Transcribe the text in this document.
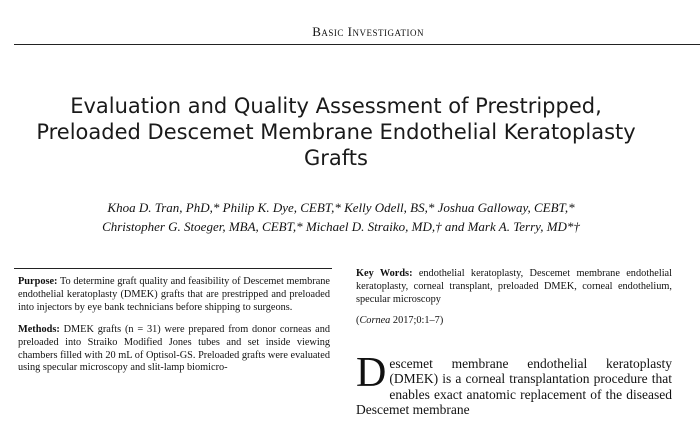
Basic Investigation
Evaluation and Quality Assessment of Prestripped, Preloaded Descemet Membrane Endothelial Keratoplasty Grafts
Khoa D. Tran, PhD,* Philip K. Dye, CEBT,* Kelly Odell, BS,* Joshua Galloway, CEBT,*
Christopher G. Stoeger, MBA, CEBT,* Michael D. Straiko, MD,† and Mark A. Terry, MD*†

Purpose: To determine graft quality and feasibility of Descemet membrane endothelial keratoplasty (DMEK) grafts that are prestripped and preloaded into injectors by eye bank technicians before shipping to surgeons.

Methods: DMEK grafts (n = 31) were prepared from donor corneas and preloaded into Straiko Modified Jones tubes and set inside viewing chambers filled with 20 mL of Optisol-GS. Preloaded grafts were evaluated using specular microscopy and slit-lamp biomicro-

Key Words: endothelial keratoplasty, Descemet membrane endothelial keratoplasty, corneal transplant, preloaded DMEK, corneal endothelium, specular microscopy

(Cornea 2017;0:1–7)

Descemet membrane endothelial keratoplasty (DMEK) is a corneal transplantation procedure that enables exact anatomic replacement of the diseased Descemet membrane
